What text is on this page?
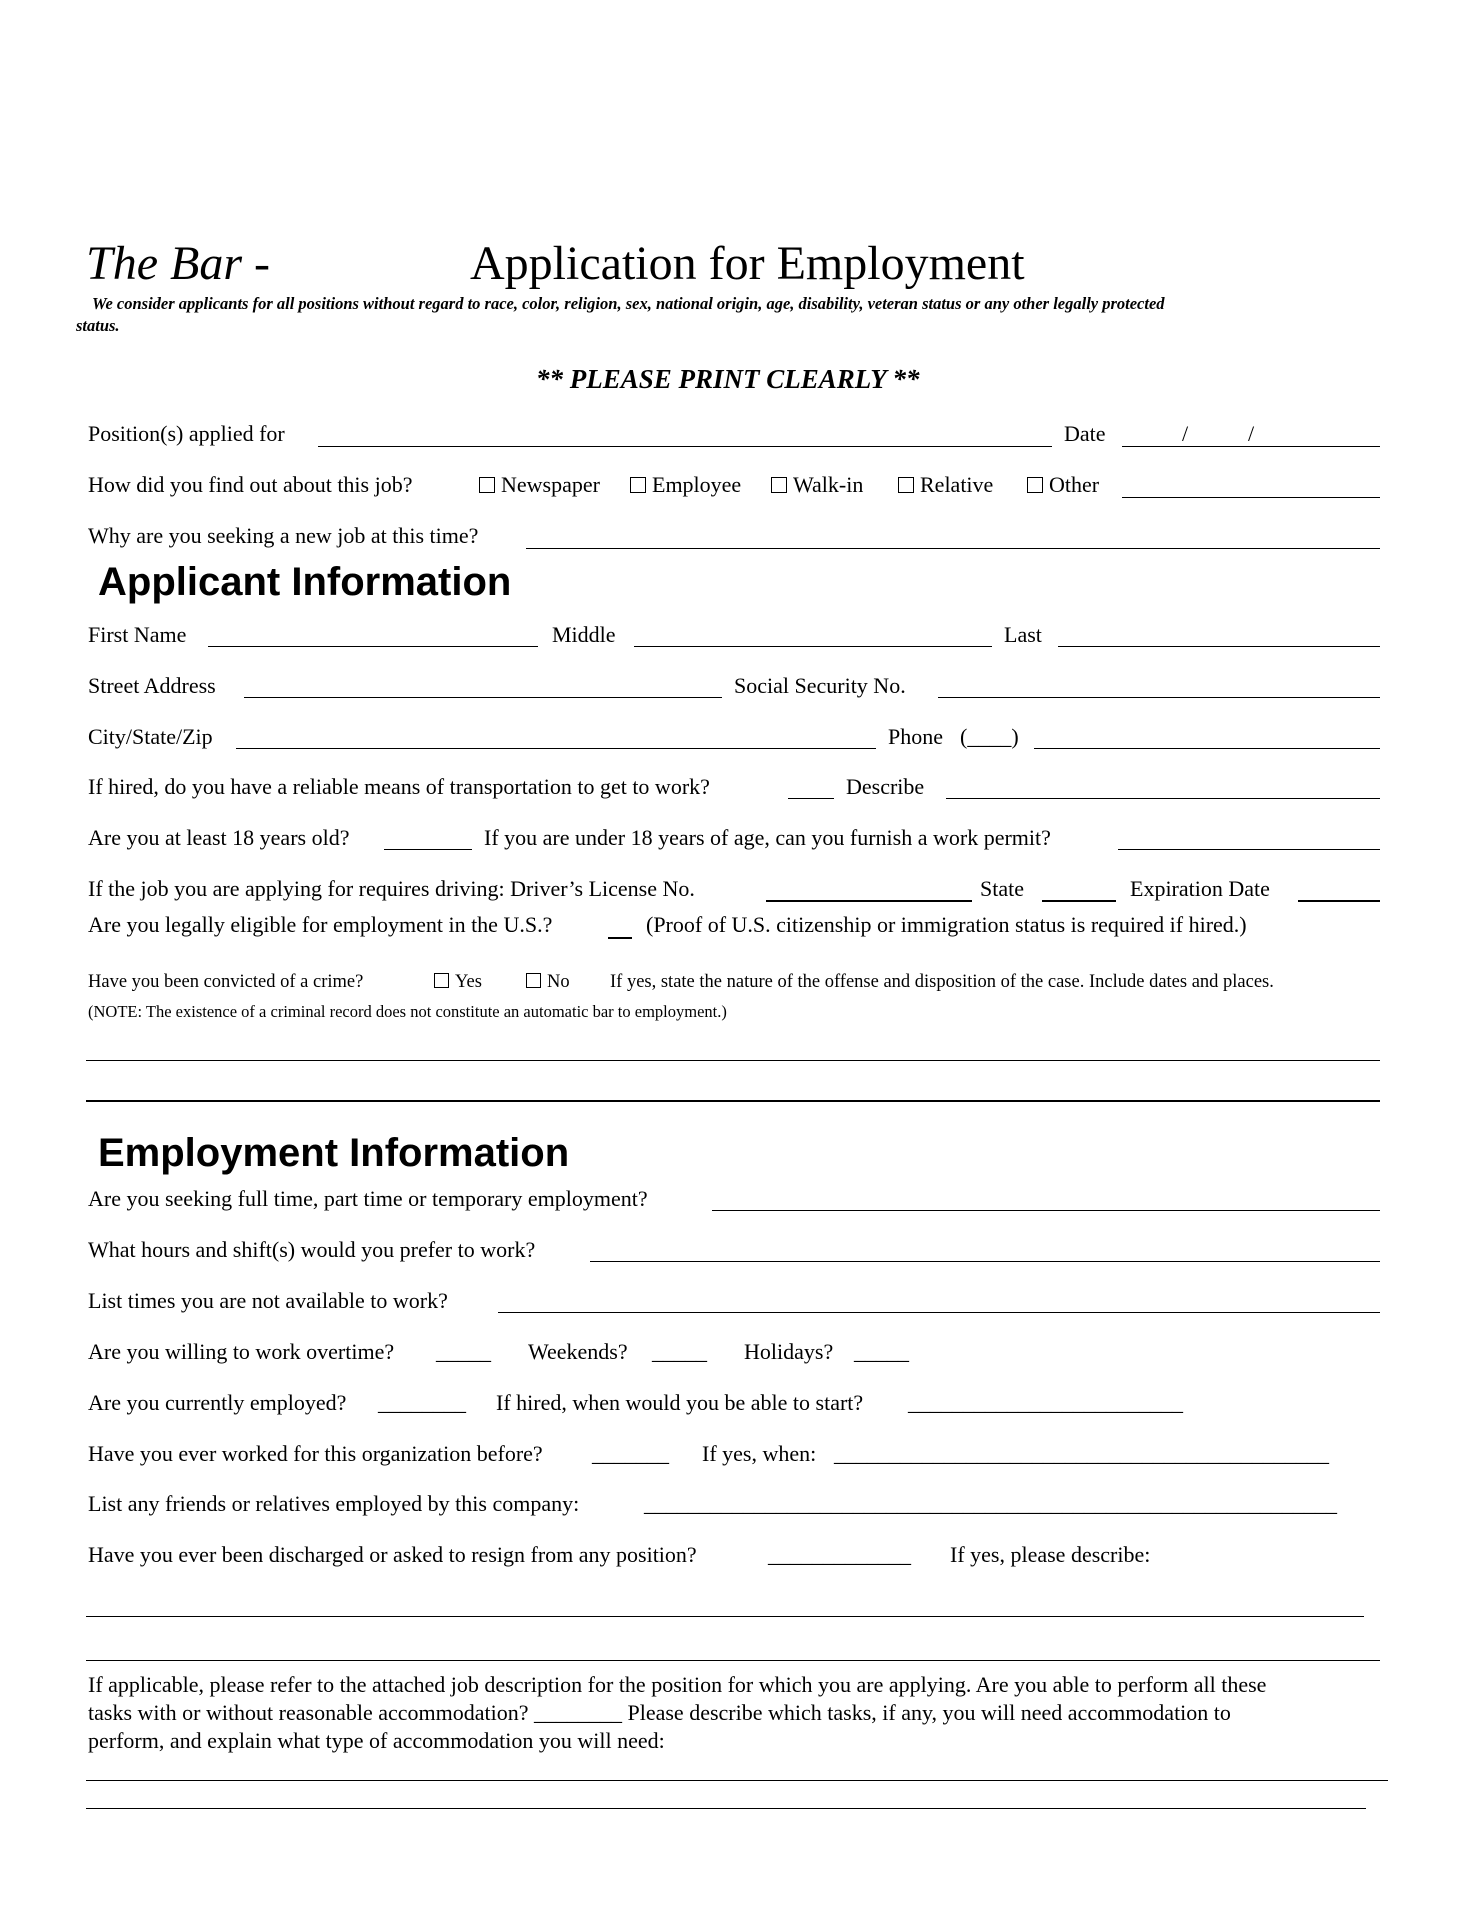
The Bar -	Application for Employment
We consider applicants for all positions without regard to race, color, religion, sex, national origin, age, disability, veteran status or any other legally protected
status.
** PLEASE PRINT CLEARLY **
Position(s) applied for	Date	/	/
How did you find out about this job?	Newspaper	Employee	Walk-in	Relative	Other
Why are you seeking a new job at this time?
Applicant Information
First Name	Middle	Last
Street Address	Social Security No.
City/State/Zip	Phone (____)
If hired, do you have a reliable means of transportation to get to work?	Describe
Are you at least 18 years old?	If you are under 18 years of age, can you furnish a work permit?
If the job you are applying for requires driving: Driver’s License No.	State	Expiration Date
Are you legally eligible for employment in the U.S.?	(Proof of U.S. citizenship or immigration status is required if hired.)
Have you been convicted of a crime?	Yes	No If yes, state the nature of the offense and disposition of the case. Include dates and places.
(NOTE: The existence of a criminal record does not constitute an automatic bar to employment.)
Employment Information
Are you seeking full time, part time or temporary employment?
What hours and shift(s) would you prefer to work?
List times you are not available to work?
Are you willing to work overtime? _____ Weekends? _____ Holidays? _____
Are you currently employed? ________ If hired, when would you be able to start? _________________________
Have you ever worked for this organization before? _______ If yes, when: _____________________________________________
List any friends or relatives employed by this company:	_______________________________________________________________
Have you ever been discharged or asked to resign from any position?	_____________ If yes, please describe:
If applicable, please refer to the attached job description for the position for which you are applying. Are you able to perform all these
tasks with or without reasonable accommodation? ________ Please describe which tasks, if any, you will need accommodation to
perform, and explain what type of accommodation you will need:
